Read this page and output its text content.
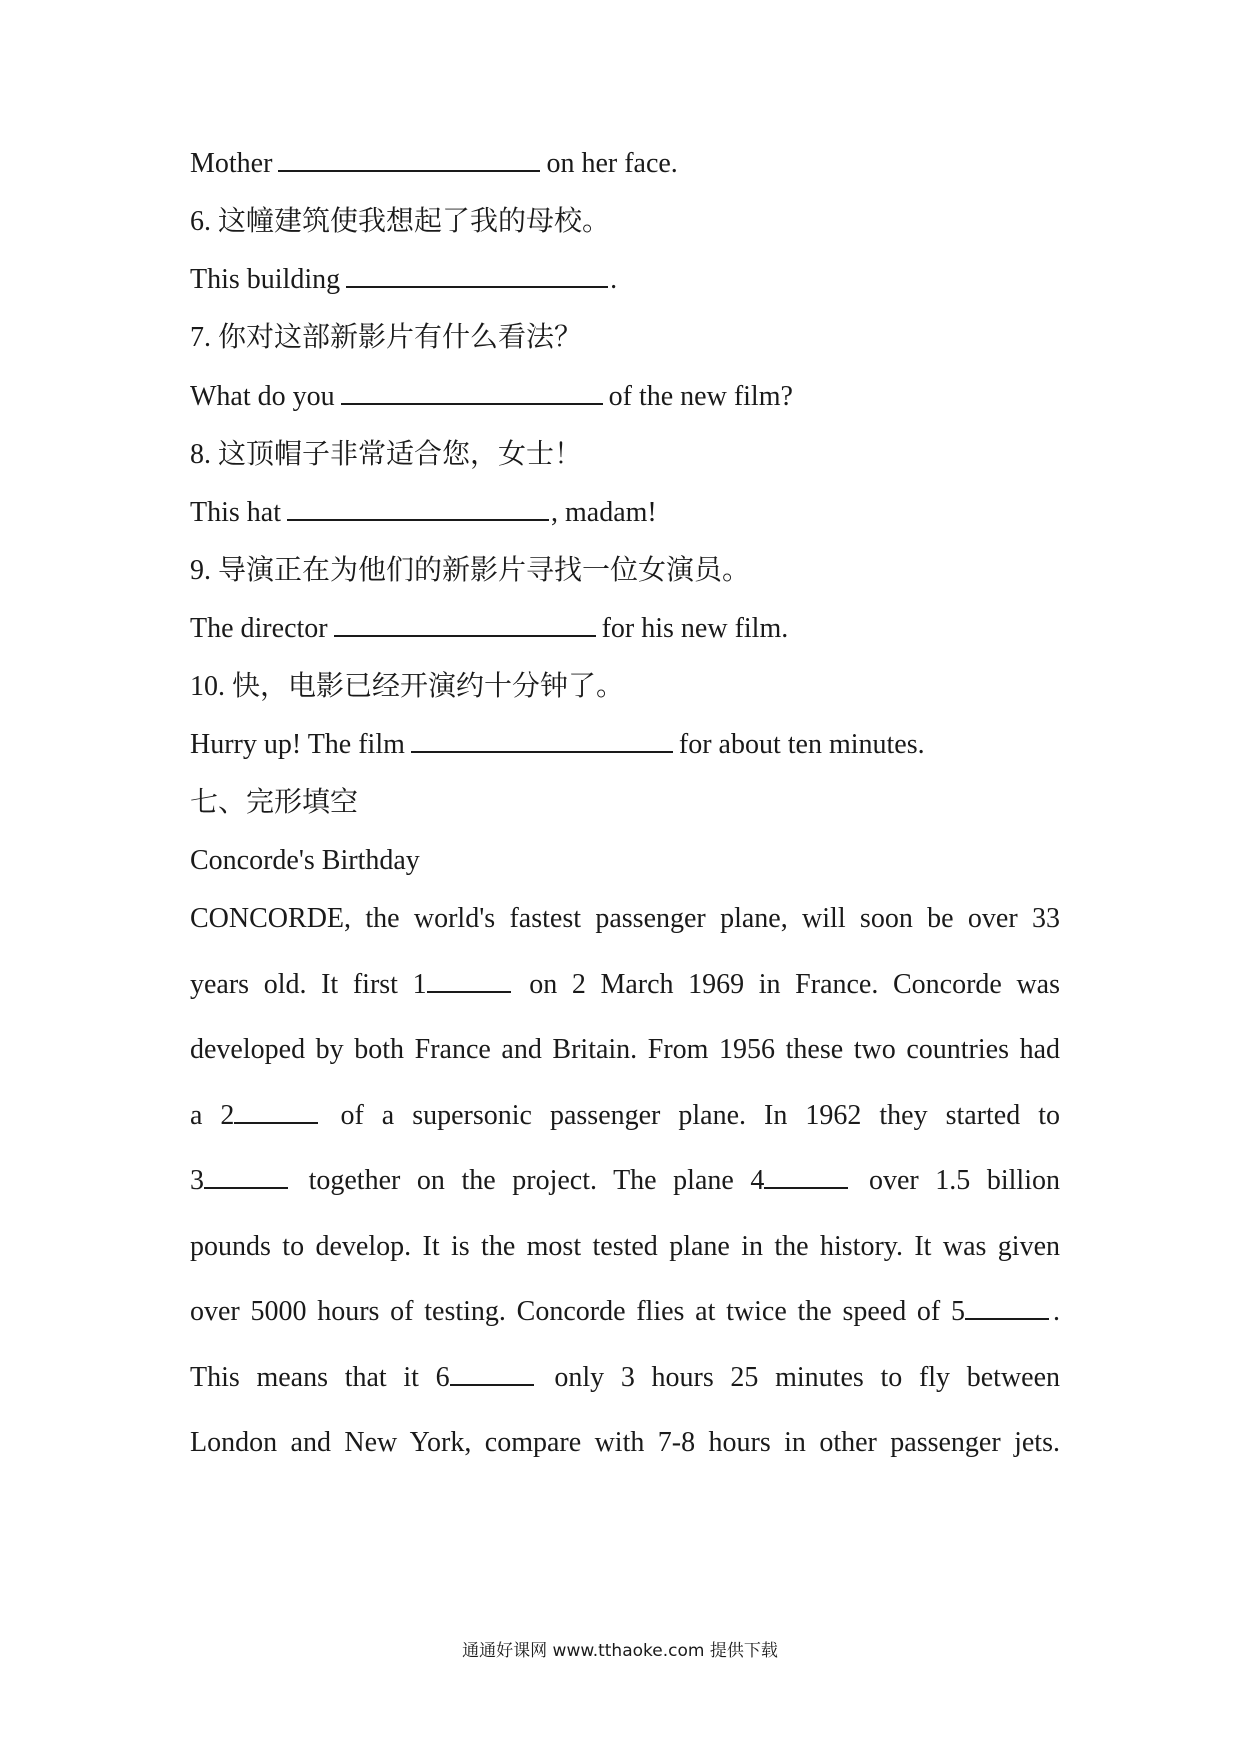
Mother	on her face.
6. 这幢建筑使我想起了我的母校。
This building	.
7. 你对这部新影片有什么看法？
What do you	of the new film?
8. 这顶帽子非常适合您，女士！
This hat	, madam!
9. 导演正在为他们的新影片寻找一位女演员。
The director	for his new film.
10. 快，电影已经开演约十分钟了。
Hurry up! The film	for about ten minutes.
七、完形填空
Concorde's Birthday
CONCORDE, the world's fastest passenger plane, will soon be over 33
years old. It first 1	on 2 March 1969 in France. Concorde was
developed by both France and Britain. From 1956 these two countries had
a 2	of a supersonic passenger plane. In 1962 they started to
3	together on the project. The plane 4	over 1.5 billion
pounds to develop. It is the most tested plane in the history. It was given
over 5000 hours of testing. Concorde flies at twice the speed of 5	.
This means that it 6	only 3 hours 25 minutes to fly between
London and New York, compare with 7-8 hours in other passenger jets.
通通好课网 www.tthaoke.com 提供下载
